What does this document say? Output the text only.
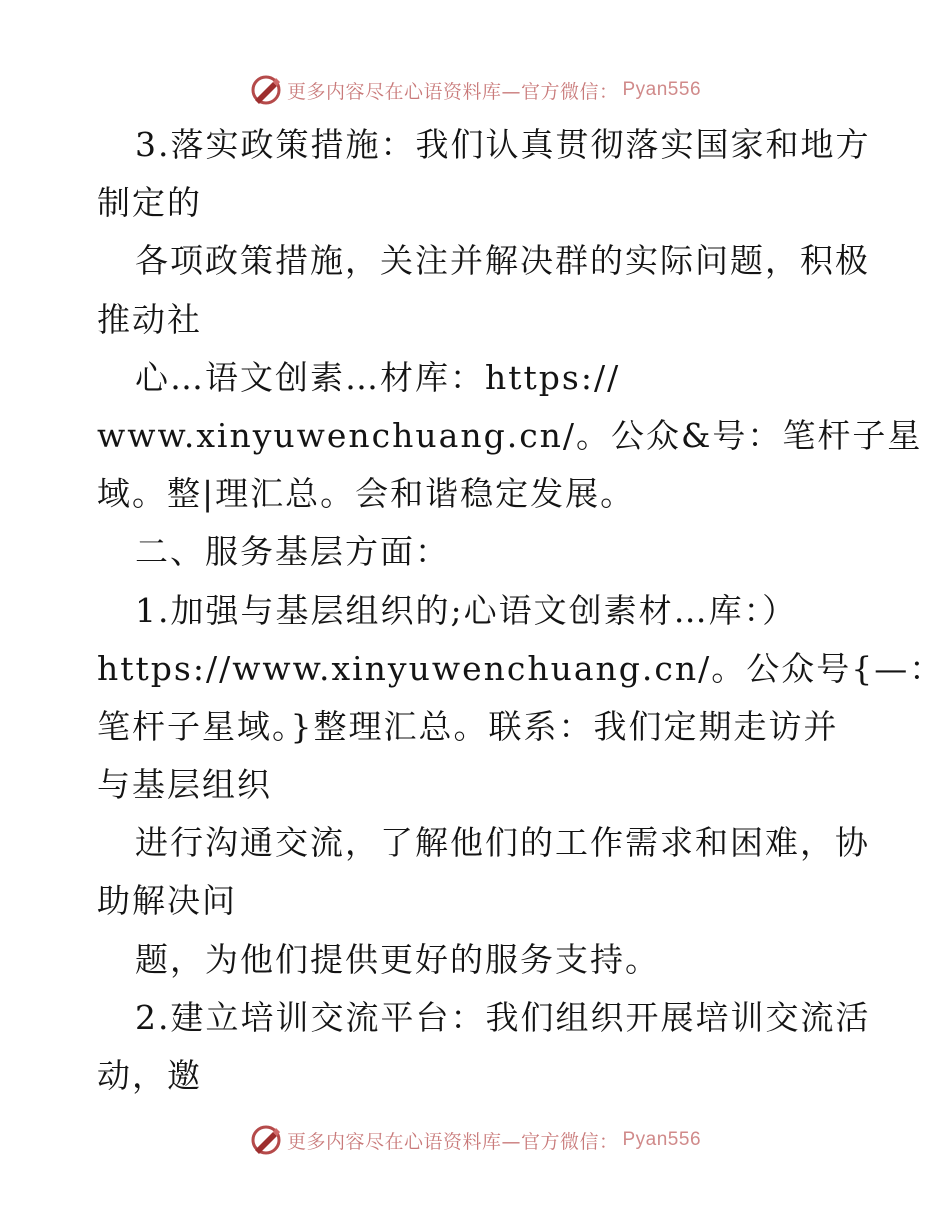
更多内容尽在心语资料库—官方微信： Pyan556
3.落实政策措施：我们认真贯彻落实国家和地方
制定的
各项政策措施，关注并解决群的实际问题，积极
推动社
心…语文创素…材库：https://
www.xinyuwenchuang.cn/。公众&号：笔杆子星
域。整|理汇总。会和谐稳定发展。
二、服务基层方面：
1.加强与基层组织的;心语文创素材…库：）
https://www.xinyuwenchuang.cn/。公众号{—：
笔杆子星域。}整理汇总。联系：我们定期走访并
与基层组织
进行沟通交流，了解他们的工作需求和困难，协
助解决问
题，为他们提供更好的服务支持。
2.建立培训交流平台：我们组织开展培训交流活
动，邀
更多内容尽在心语资料库—官方微信： Pyan556
